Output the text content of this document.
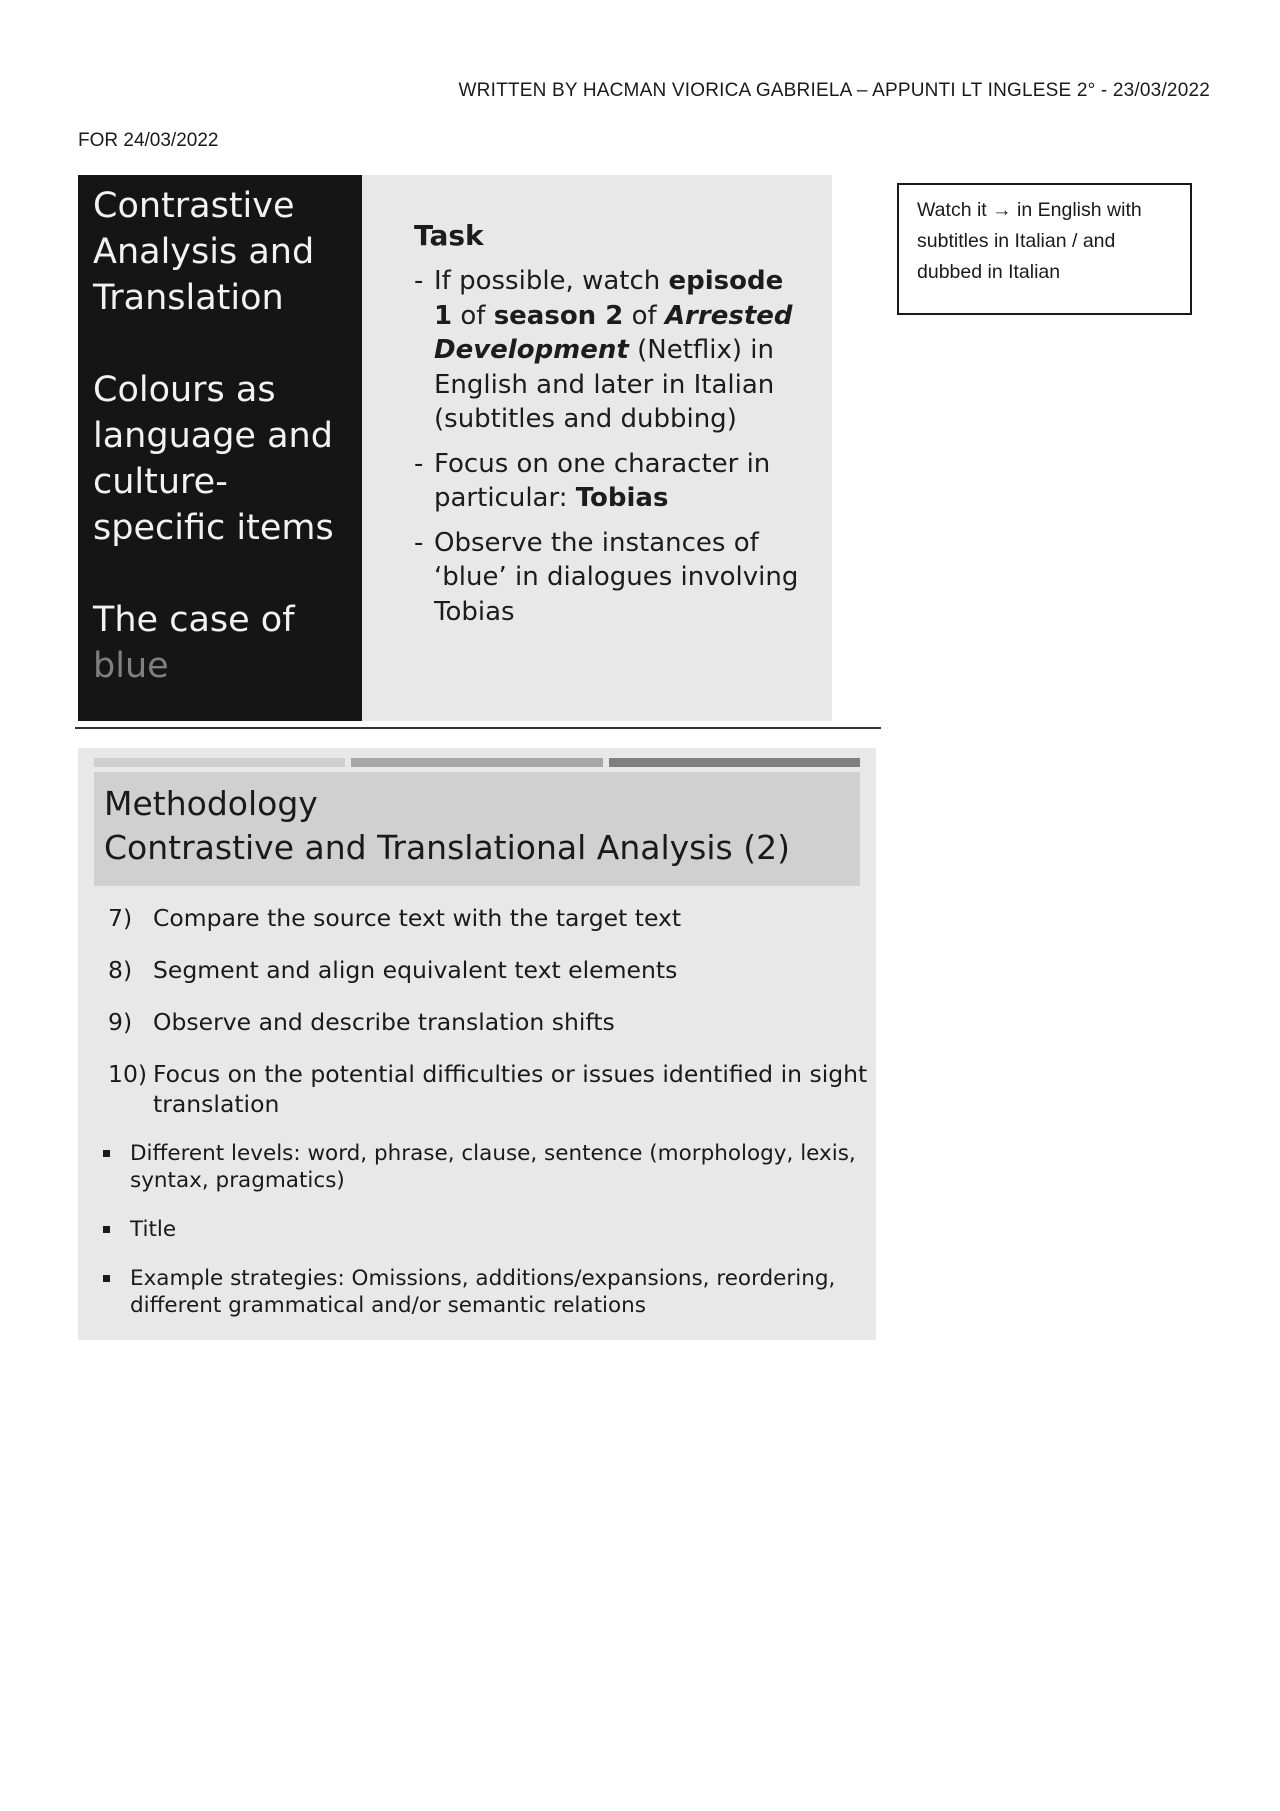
WRITTEN BY HACMAN VIORICA GABRIELA – APPUNTI LT INGLESE 2° - 23/03/2022
FOR 24/03/2022
Contrastive
Analysis and
Translation
Colours as
language and
culture-
specific items
The case of
blue
Task
- If possible, watch episode 1 of season 2 of Arrested Development (Netflix) in English and later in Italian (subtitles and dubbing)
- Focus on one character in particular: Tobias
- Observe the instances of ‘blue’ in dialogues involving Tobias
Watch it → in English with subtitles in Italian / and dubbed in Italian
Methodology
Contrastive and Translational Analysis (2)
7) Compare the source text with the target text
8) Segment and align equivalent text elements
9) Observe and describe translation shifts
10) Focus on the potential difficulties or issues identified in sight translation
Different levels: word, phrase, clause, sentence (morphology, lexis, syntax, pragmatics)
Title
Example strategies: Omissions, additions/expansions, reordering, different grammatical and/or semantic relations
